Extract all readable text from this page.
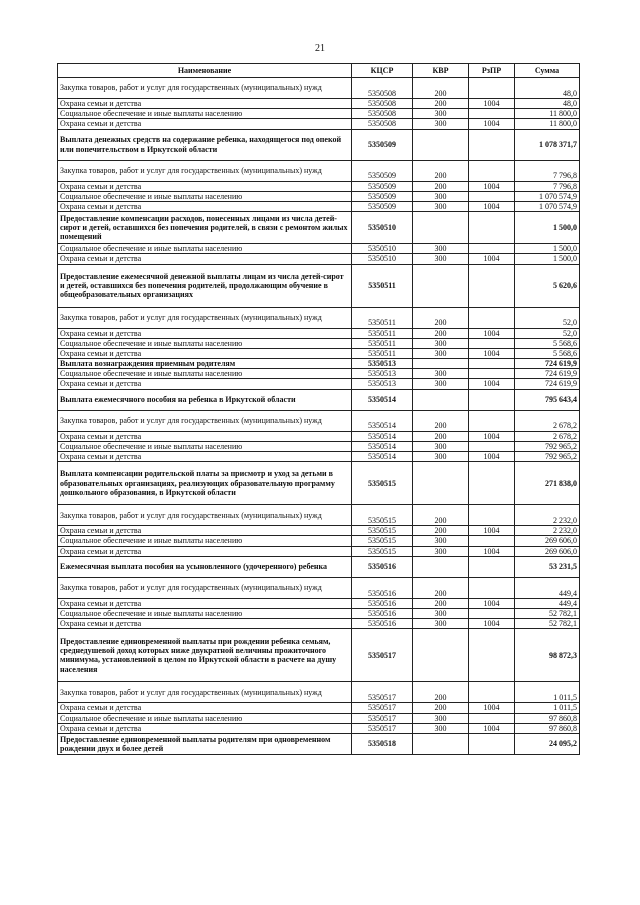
21
Наименование	КЦСР	КВР	РзПР	Сумма
Закупка товаров, работ и услуг для государственных (муниципальных) нужд	5350508	200		48,0
Охрана семьи и детства	5350508	200	1004	48,0
Социальное обеспечение и иные выплаты населению	5350508	300		11 800,0
Охрана семьи и детства	5350508	300	1004	11 800,0
Выплата денежных средств на содержание ребенка, находящегося под опекой или попечительством в Иркутской области	5350509			1 078 371,7
Закупка товаров, работ и услуг для государственных (муниципальных) нужд	5350509	200		7 796,8
Охрана семьи и детства	5350509	200	1004	7 796,8
Социальное обеспечение и иные выплаты населению	5350509	300		1 070 574,9
Охрана семьи и детства	5350509	300	1004	1 070 574,9
Предоставление компенсации расходов, понесенных лицами из числа детей-сирот и детей, оставшихся без попечения родителей, в связи с ремонтом жилых помещений	5350510			1 500,0
Социальное обеспечение и иные выплаты населению	5350510	300		1 500,0
Охрана семьи и детства	5350510	300	1004	1 500,0
Предоставление ежемесячной денежной выплаты лицам из числа детей-сирот и детей, оставшихся без попечения родителей, продолжающим обучение в общеобразовательных организациях	5350511			5 620,6
Закупка товаров, работ и услуг для государственных (муниципальных) нужд	5350511	200		52,0
Охрана семьи и детства	5350511	200	1004	52,0
Социальное обеспечение и иные выплаты населению	5350511	300		5 568,6
Охрана семьи и детства	5350511	300	1004	5 568,6
Выплата вознаграждения приемным родителям	5350513			724 619,9
Социальное обеспечение и иные выплаты населению	5350513	300		724 619,9
Охрана семьи и детства	5350513	300	1004	724 619,9
Выплата ежемесячного пособия на ребенка в Иркутской области	5350514			795 643,4
Закупка товаров, работ и услуг для государственных (муниципальных) нужд	5350514	200		2 678,2
Охрана семьи и детства	5350514	200	1004	2 678,2
Социальное обеспечение и иные выплаты населению	5350514	300		792 965,2
Охрана семьи и детства	5350514	300	1004	792 965,2
Выплата компенсации родительской платы за присмотр и уход за детьми в образовательных организациях, реализующих образовательную программу дошкольного образования, в Иркутской области	5350515			271 838,0
Закупка товаров, работ и услуг для государственных (муниципальных) нужд	5350515	200		2 232,0
Охрана семьи и детства	5350515	200	1004	2 232,0
Социальное обеспечение и иные выплаты населению	5350515	300		269 606,0
Охрана семьи и детства	5350515	300	1004	269 606,0
Ежемесячная выплата пособия на усыновленного (удочеренного) ребенка	5350516			53 231,5
Закупка товаров, работ и услуг для государственных (муниципальных) нужд	5350516	200		449,4
Охрана семьи и детства	5350516	200	1004	449,4
Социальное обеспечение и иные выплаты населению	5350516	300		52 782,1
Охрана семьи и детства	5350516	300	1004	52 782,1
Предоставление единовременной выплаты при рождении ребенка семьям, среднедушевой доход которых ниже двукратной величины прожиточного минимума, установленной в целом по Иркутской области в расчете на душу населения	5350517			98 872,3
Закупка товаров, работ и услуг для государственных (муниципальных) нужд	5350517	200		1 011,5
Охрана семьи и детства	5350517	200	1004	1 011,5
Социальное обеспечение и иные выплаты населению	5350517	300		97 860,8
Охрана семьи и детства	5350517	300	1004	97 860,8
Предоставление единовременной выплаты родителям при одновременном рождении двух и более детей	5350518			24 095,2
